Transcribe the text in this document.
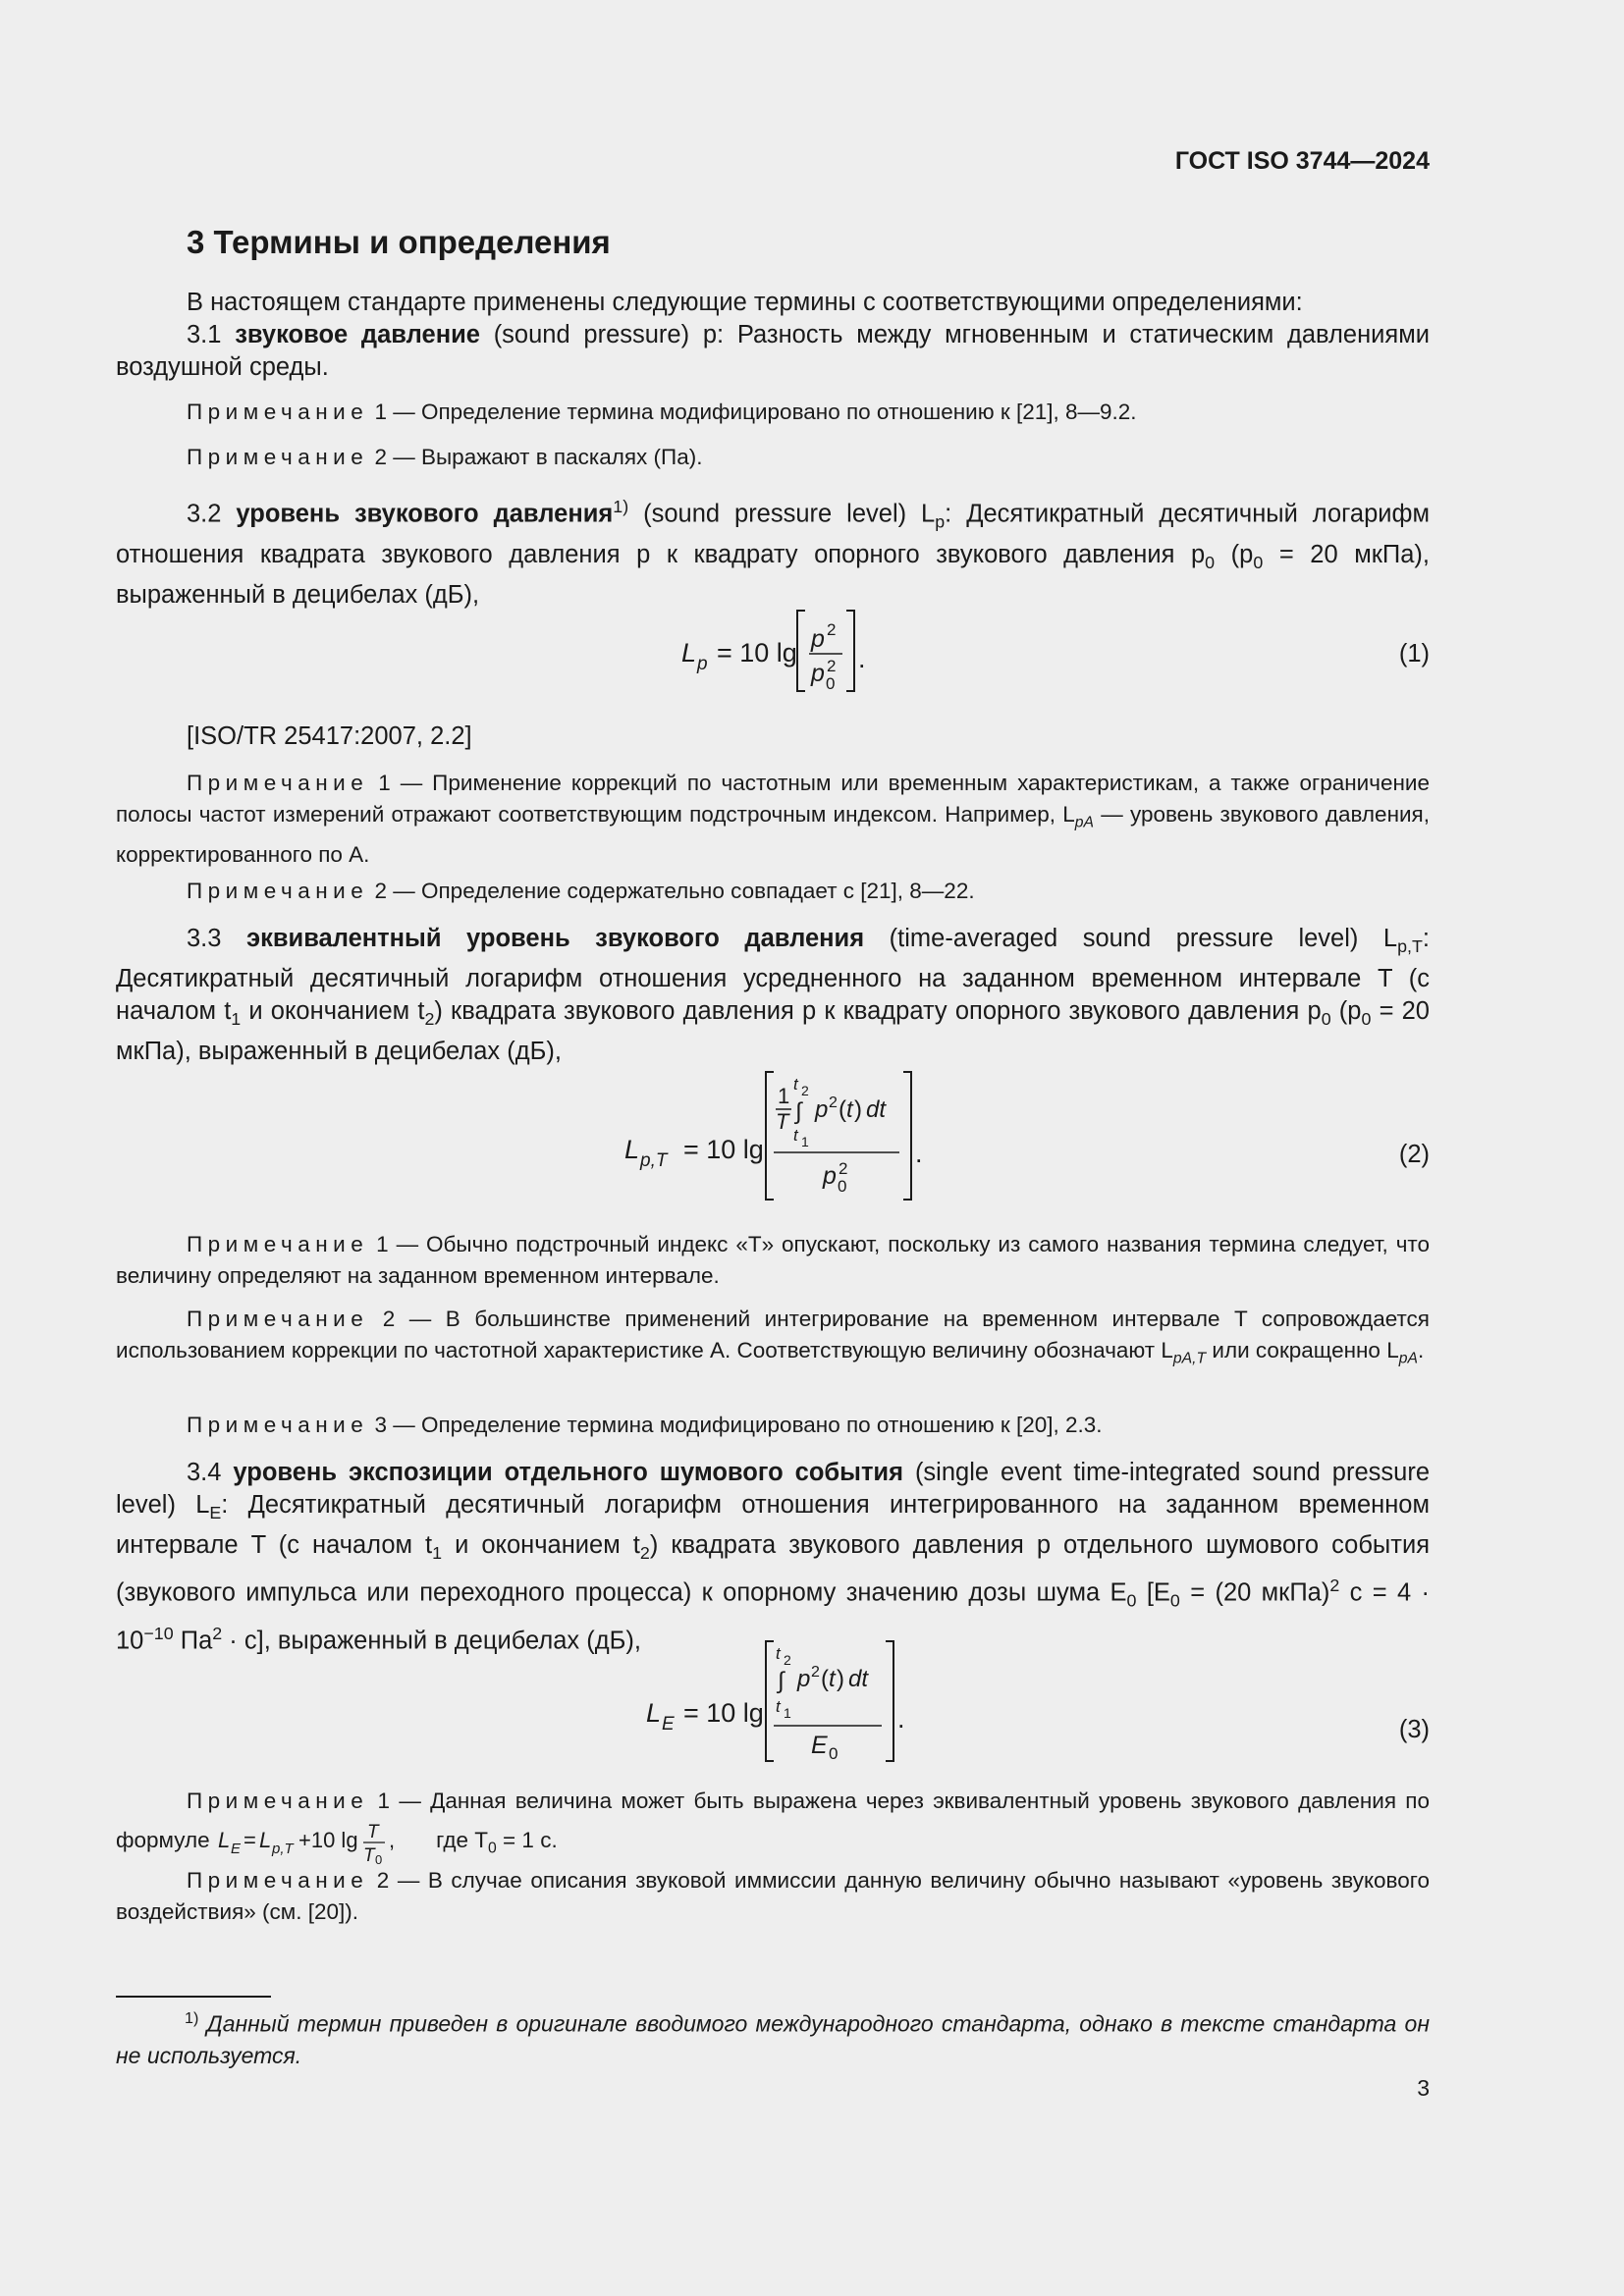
ГОСТ ISO 3744—2024
3 Термины и определения

В настоящем стандарте применены следующие термины с соответствующими определениями:

3.1 звуковое давление (sound pressure) p: Разность между мгновенным и статическим давлениями воздушной среды.

Примечание 1 — Определение термина модифицировано по отношению к [21], 8—9.2.

Примечание 2 — Выражают в паскалях (Па).

3.2 уровень звукового давления$^{1)}$ (sound pressure level) $L_p$: Десятикратный десятичный логарифм отношения квадрата звукового давления p к квадрату опорного звукового давления $p_0$ ($p_0 = 20$ мкПа), выраженный в децибелах (дБ),

L p = 10 lg p 2
p 2
0
.	(1)
[ISO/TR 25417:2007, 2.2]

Примечание 1 — Применение коррекций по частотным или временным характеристикам, а также ограничение полосы частот измерений отражают соответствующим подстрочным индексом. Например, $L_{pA}$ — уровень звукового давления, корректированного по А.

Примечание 2 — Определение содержательно совпадает с [21], 8—22.

3.3 эквивалентный уровень звукового давления (time-averaged sound pressure level) $L_{p,T}$: Десятикратный десятичный логарифм отношения усредненного на заданном временном интервале T (с началом $t_1$ и окончанием $t_2$) квадрата звукового давления p к квадрату опорного звукового давления $p_0$ ($p_0 = 20$ мкПа), выраженный в децибелах (дБ),

L p,T = 10 lg
1
T
t 2
∫
t 1
p 2 ( t ) dt
p 2
0
.	(2)

Примечание 1 — Обычно подстрочный индекс «T» опускают, поскольку из самого названия термина следует, что величину определяют на заданном временном интервале.

Примечание 2 — В большинстве применений интегрирование на временном интервале T сопровождается использованием коррекции по частотной характеристике А. Соответствующую величину обозначают $L_{pA,T}$ или сокращенно $L_{pA}$.

Примечание 3 — Определение термина модифицировано по отношению к [20], 2.3.

3.4 уровень экспозиции отдельного шумового события (single event time-integrated sound pressure level) $L_E$: Десятикратный десятичный логарифм отношения интегрированного на заданном временном интервале T (с началом $t_1$ и окончанием $t_2$) квадрата звукового давления p отдельного шумового события (звукового импульса или переходного процесса) к опорному значению дозы шума $E_0$ [$E_0 = (20$ мкПа)$^2$ $с = 4 \cdot 10^{-10}$ $Па^2 \cdot с$], выраженный в децибелах (дБ),

L E = 10 lg
t 2
∫
t 1
p 2 ( t ) dt
E 0
.	(3)

Примечание 1 — Данная величина может быть выражена через эквивалентный уровень звукового давления по формуле L E = L p,T +10 lg T
T 0
, где $T_0 = 1$ с.

Примечание 2 — В случае описания звуковой иммиссии данную величину обычно называют «уровень звукового воздействия» (см. [20]).

$^{1)}$ Данный термин приведен в оригинале вводимого международного стандарта, однако в тексте стандарта он не используется.
3
